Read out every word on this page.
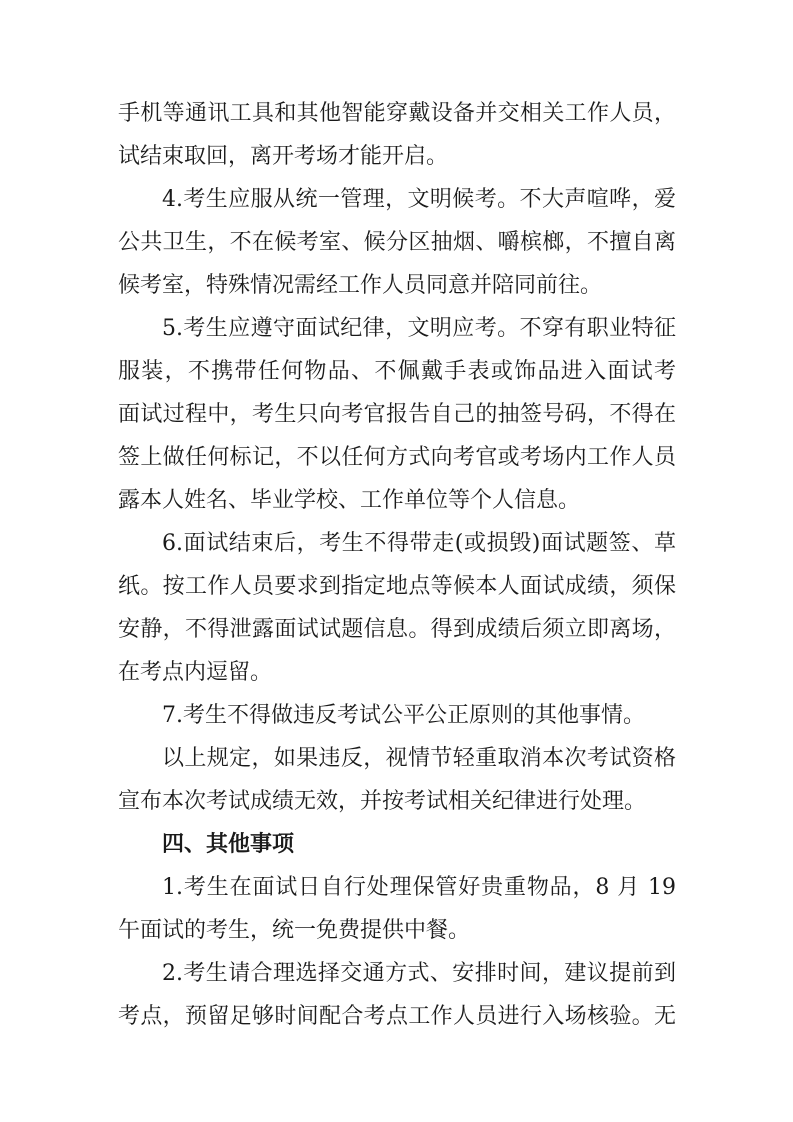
手机等通讯工具和其他智能穿戴设备并交相关工作人员，
试结束取回，离开考场才能开启。
4.考生应服从统一管理，文明候考。不大声喧哗，爱
公共卫生，不在候考室、候分区抽烟、嚼槟榔，不擅自离
候考室，特殊情况需经工作人员同意并陪同前往。
5.考生应遵守面试纪律，文明应考。不穿有职业特征
服装，不携带任何物品、不佩戴手表或饰品进入面试考
面试过程中，考生只向考官报告自己的抽签号码，不得在
签上做任何标记，不以任何方式向考官或考场内工作人员
露本人姓名、毕业学校、工作单位等个人信息。
6.面试结束后，考生不得带走(或损毁)面试题签、草
纸。按工作人员要求到指定地点等候本人面试成绩，须保
安静，不得泄露面试试题信息。得到成绩后须立即离场，
在考点内逗留。
7.考生不得做违反考试公平公正原则的其他事情。
以上规定，如果违反，视情节轻重取消本次考试资格
宣布本次考试成绩无效，并按考试相关纪律进行处理。
四、其他事项
1.考生在面试日自行处理保管好贵重物品，8 月 19
午面试的考生，统一免费提供中餐。
2.考生请合理选择交通方式、安排时间，建议提前到
考点，预留足够时间配合考点工作人员进行入场核验。无
